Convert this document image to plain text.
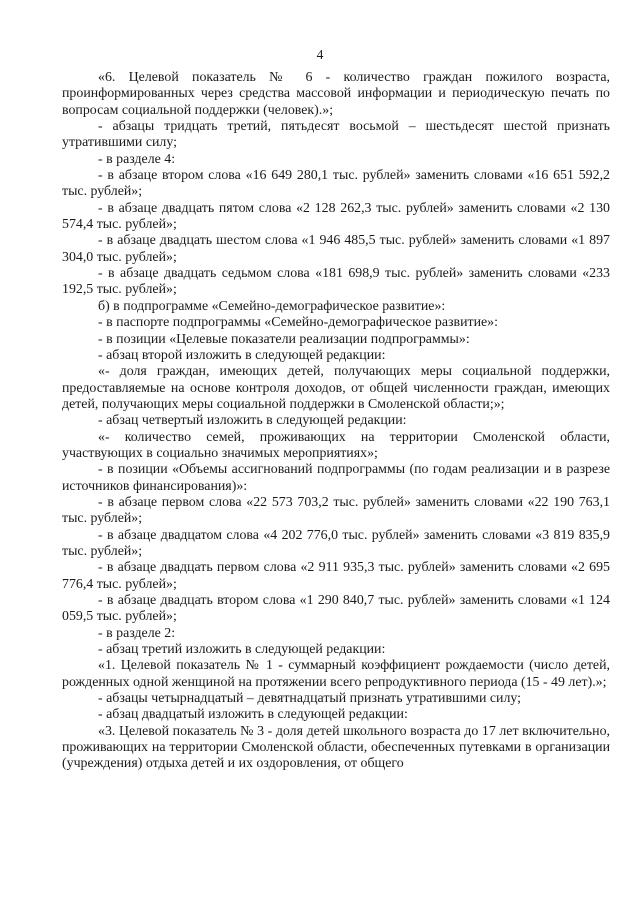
4

«6. Целевой показатель № 6 - количество граждан пожилого возраста, проинформированных через средства массовой информации и периодическую печать по вопросам социальной поддержки (человек).»;

- абзацы тридцать третий, пятьдесят восьмой – шестьдесят шестой признать утратившими силу;

- в разделе 4:

- в абзаце втором слова «16 649 280,1 тыс. рублей» заменить словами «16 651 592,2 тыс. рублей»;

- в абзаце двадцать пятом слова «2 128 262,3 тыс. рублей» заменить словами «2 130 574,4 тыс. рублей»;

- в абзаце двадцать шестом слова «1 946 485,5 тыс. рублей» заменить словами «1 897 304,0 тыс. рублей»;

- в абзаце двадцать седьмом слова «181 698,9 тыс. рублей» заменить словами «233 192,5 тыс. рублей»;

б) в подпрограмме «Семейно-демографическое развитие»:

- в паспорте подпрограммы «Семейно-демографическое развитие»:

- в позиции «Целевые показатели реализации подпрограммы»:

- абзац второй изложить в следующей редакции:

«- доля граждан, имеющих детей, получающих меры социальной поддержки, предоставляемые на основе контроля доходов, от общей численности граждан, имеющих детей, получающих меры социальной поддержки в Смоленской области;»;

- абзац четвертый изложить в следующей редакции:

«- количество семей, проживающих на территории Смоленской области, участвующих в социально значимых мероприятиях»;

- в позиции «Объемы ассигнований подпрограммы (по годам реализации и в разрезе источников финансирования)»:

- в абзаце первом слова «22 573 703,2 тыс. рублей» заменить словами «22 190 763,1 тыс. рублей»;

- в абзаце двадцатом слова «4 202 776,0 тыс. рублей» заменить словами «3 819 835,9 тыс. рублей»;

- в абзаце двадцать первом слова «2 911 935,3 тыс. рублей» заменить словами «2 695 776,4 тыс. рублей»;

- в абзаце двадцать втором слова «1 290 840,7 тыс. рублей» заменить словами «1 124 059,5 тыс. рублей»;

- в разделе 2:

- абзац третий изложить в следующей редакции:

«1. Целевой показатель № 1 - суммарный коэффициент рождаемости (число детей, рожденных одной женщиной на протяжении всего репродуктивного периода (15 - 49 лет).»;

- абзацы четырнадцатый – девятнадцатый признать утратившими силу;

- абзац двадцатый изложить в следующей редакции:

«3. Целевой показатель № 3 - доля детей школьного возраста до 17 лет включительно, проживающих на территории Смоленской области, обеспеченных путевками в организации (учреждения) отдыха детей и их оздоровления, от общего
